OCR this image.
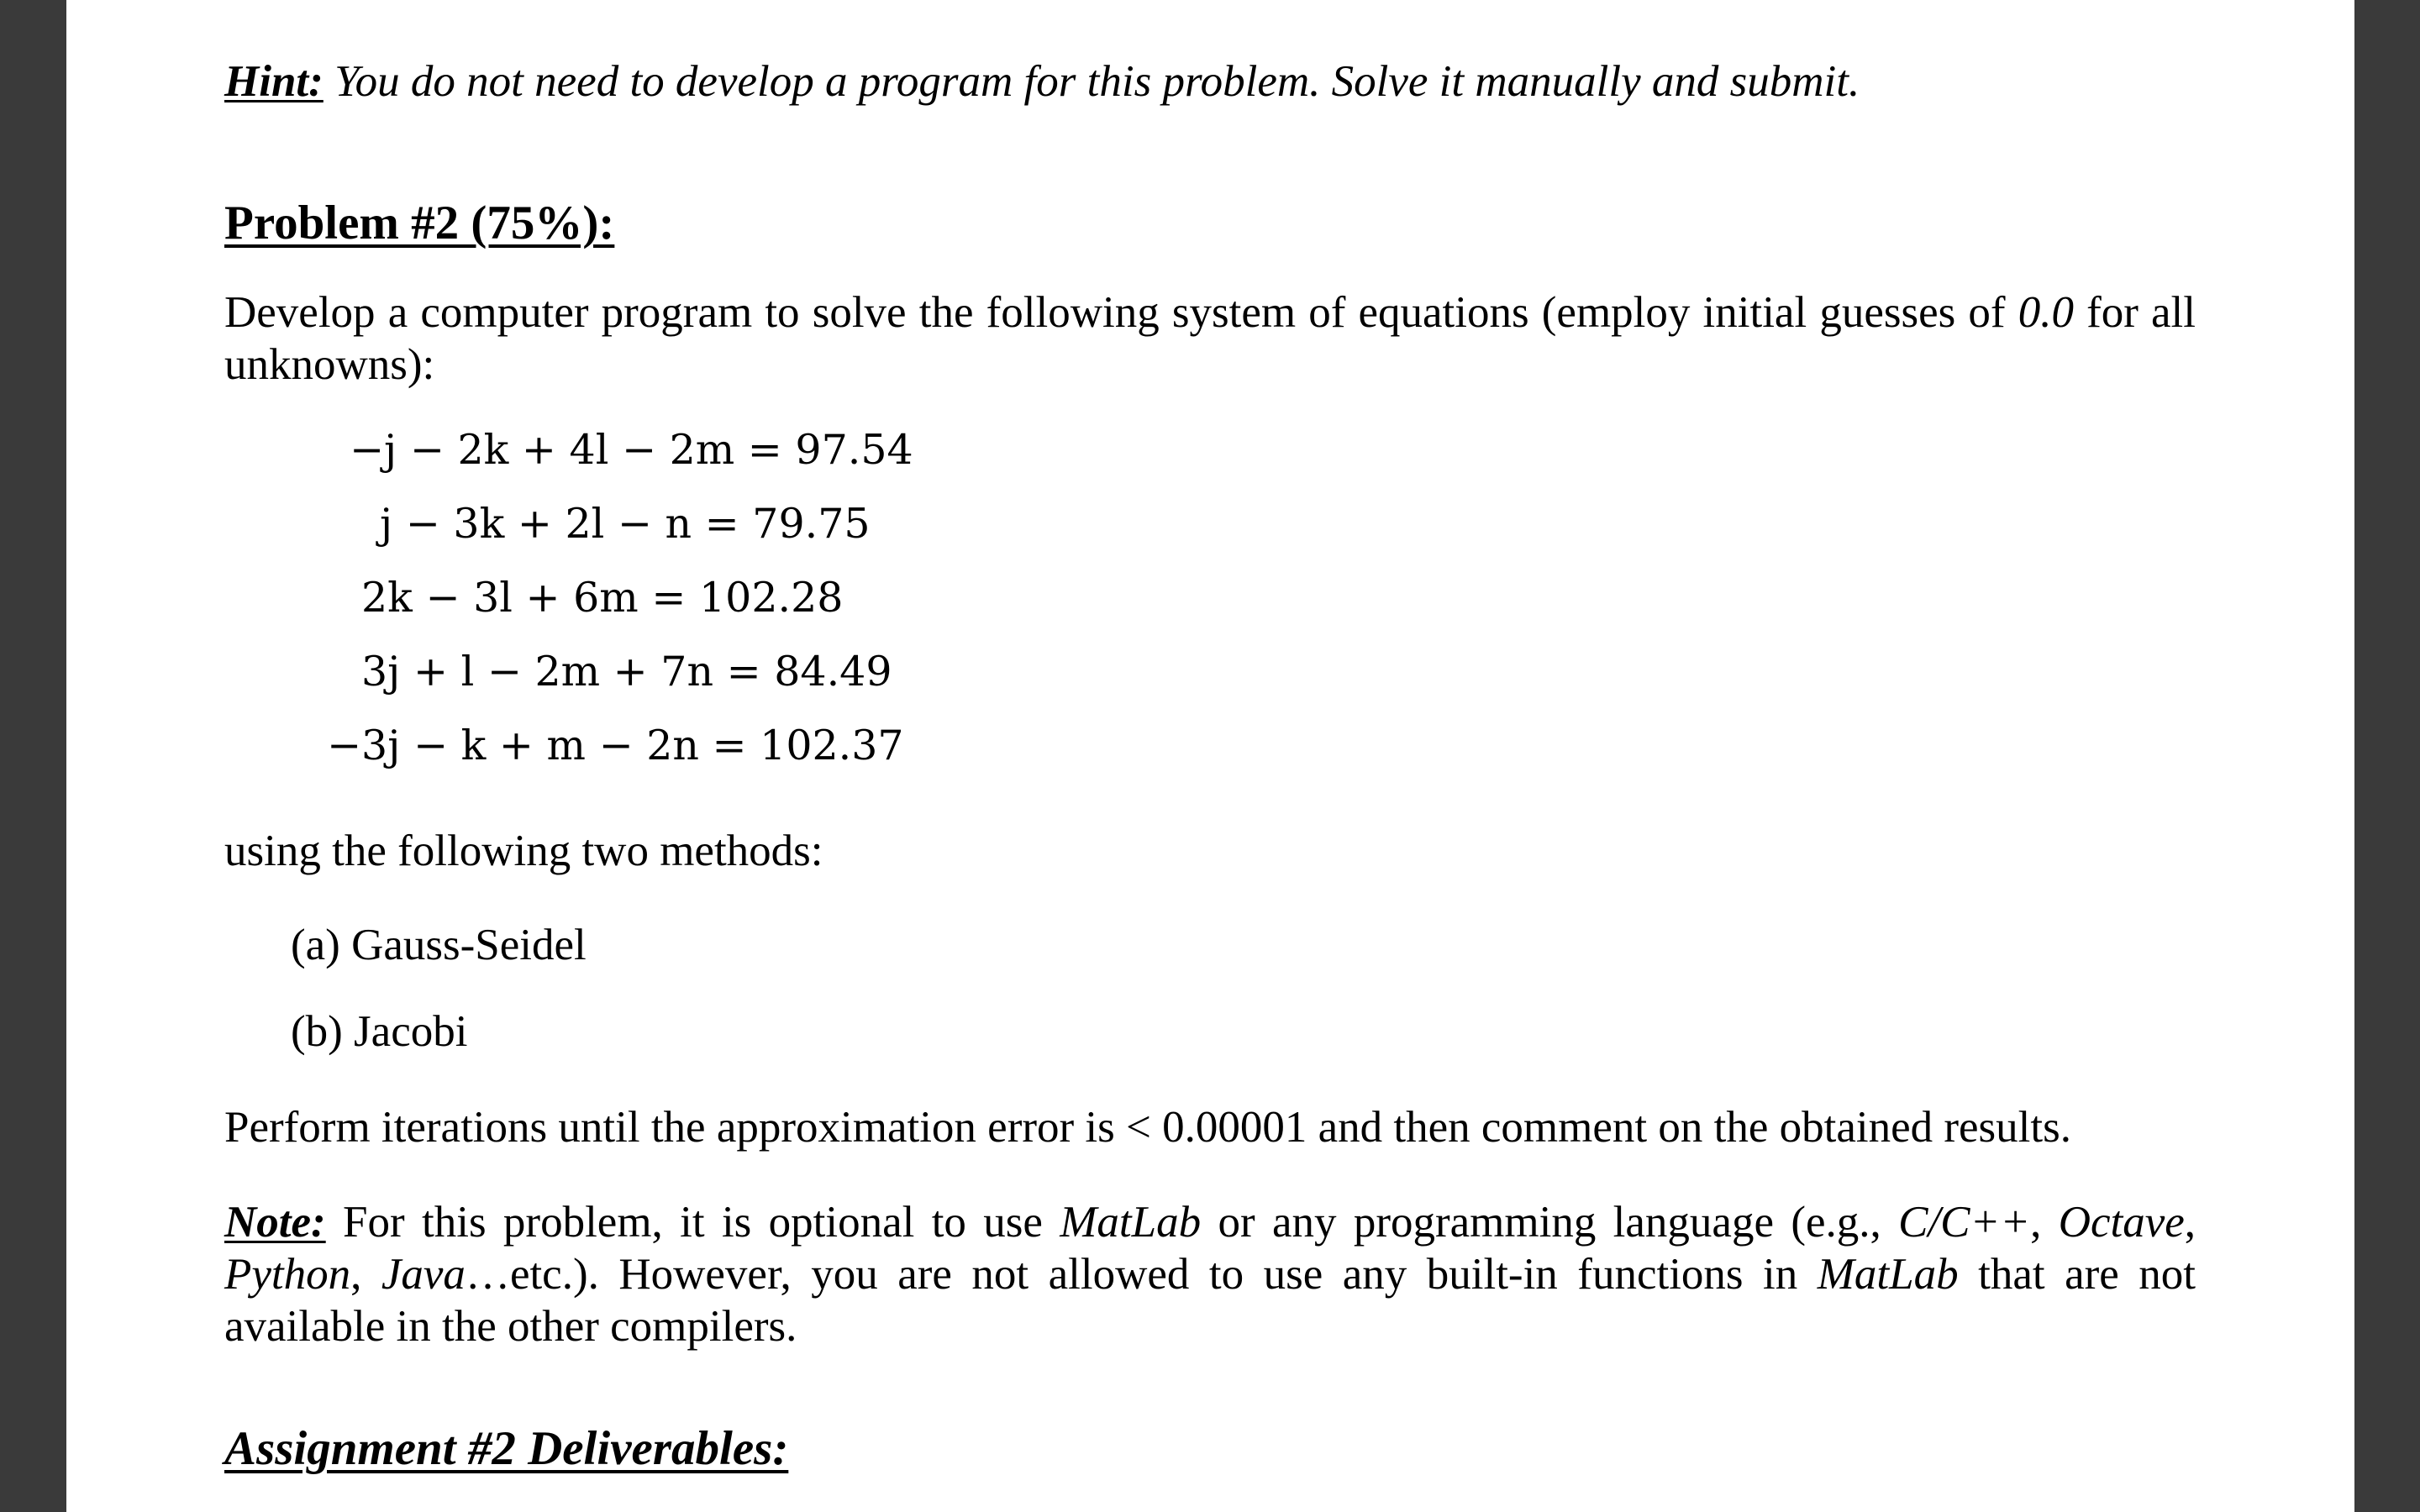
Hint: You do not need to develop a program for this problem. Solve it manually and submit.
Problem #2 (75%):
Develop a computer program to solve the following system of equations (employ initial guesses of 0.0 for all
unknowns):
−j − 2k + 4l − 2m = 97.54
j − 3k + 2l − n = 79.75
2k − 3l + 6m = 102.28
3j + l − 2m + 7n = 84.49
−3j − k + m − 2n = 102.37
using the following two methods:
(a) Gauss-Seidel
(b) Jacobi
Perform iterations until the approximation error is < 0.00001 and then comment on the obtained results.
Note: For this problem, it is optional to use MatLab or any programming language (e.g., C/C++, Octave,
Python, Java…etc.). However, you are not allowed to use any built-in functions in MatLab that are not
available in the other compilers.
Assignment #2 Deliverables:
